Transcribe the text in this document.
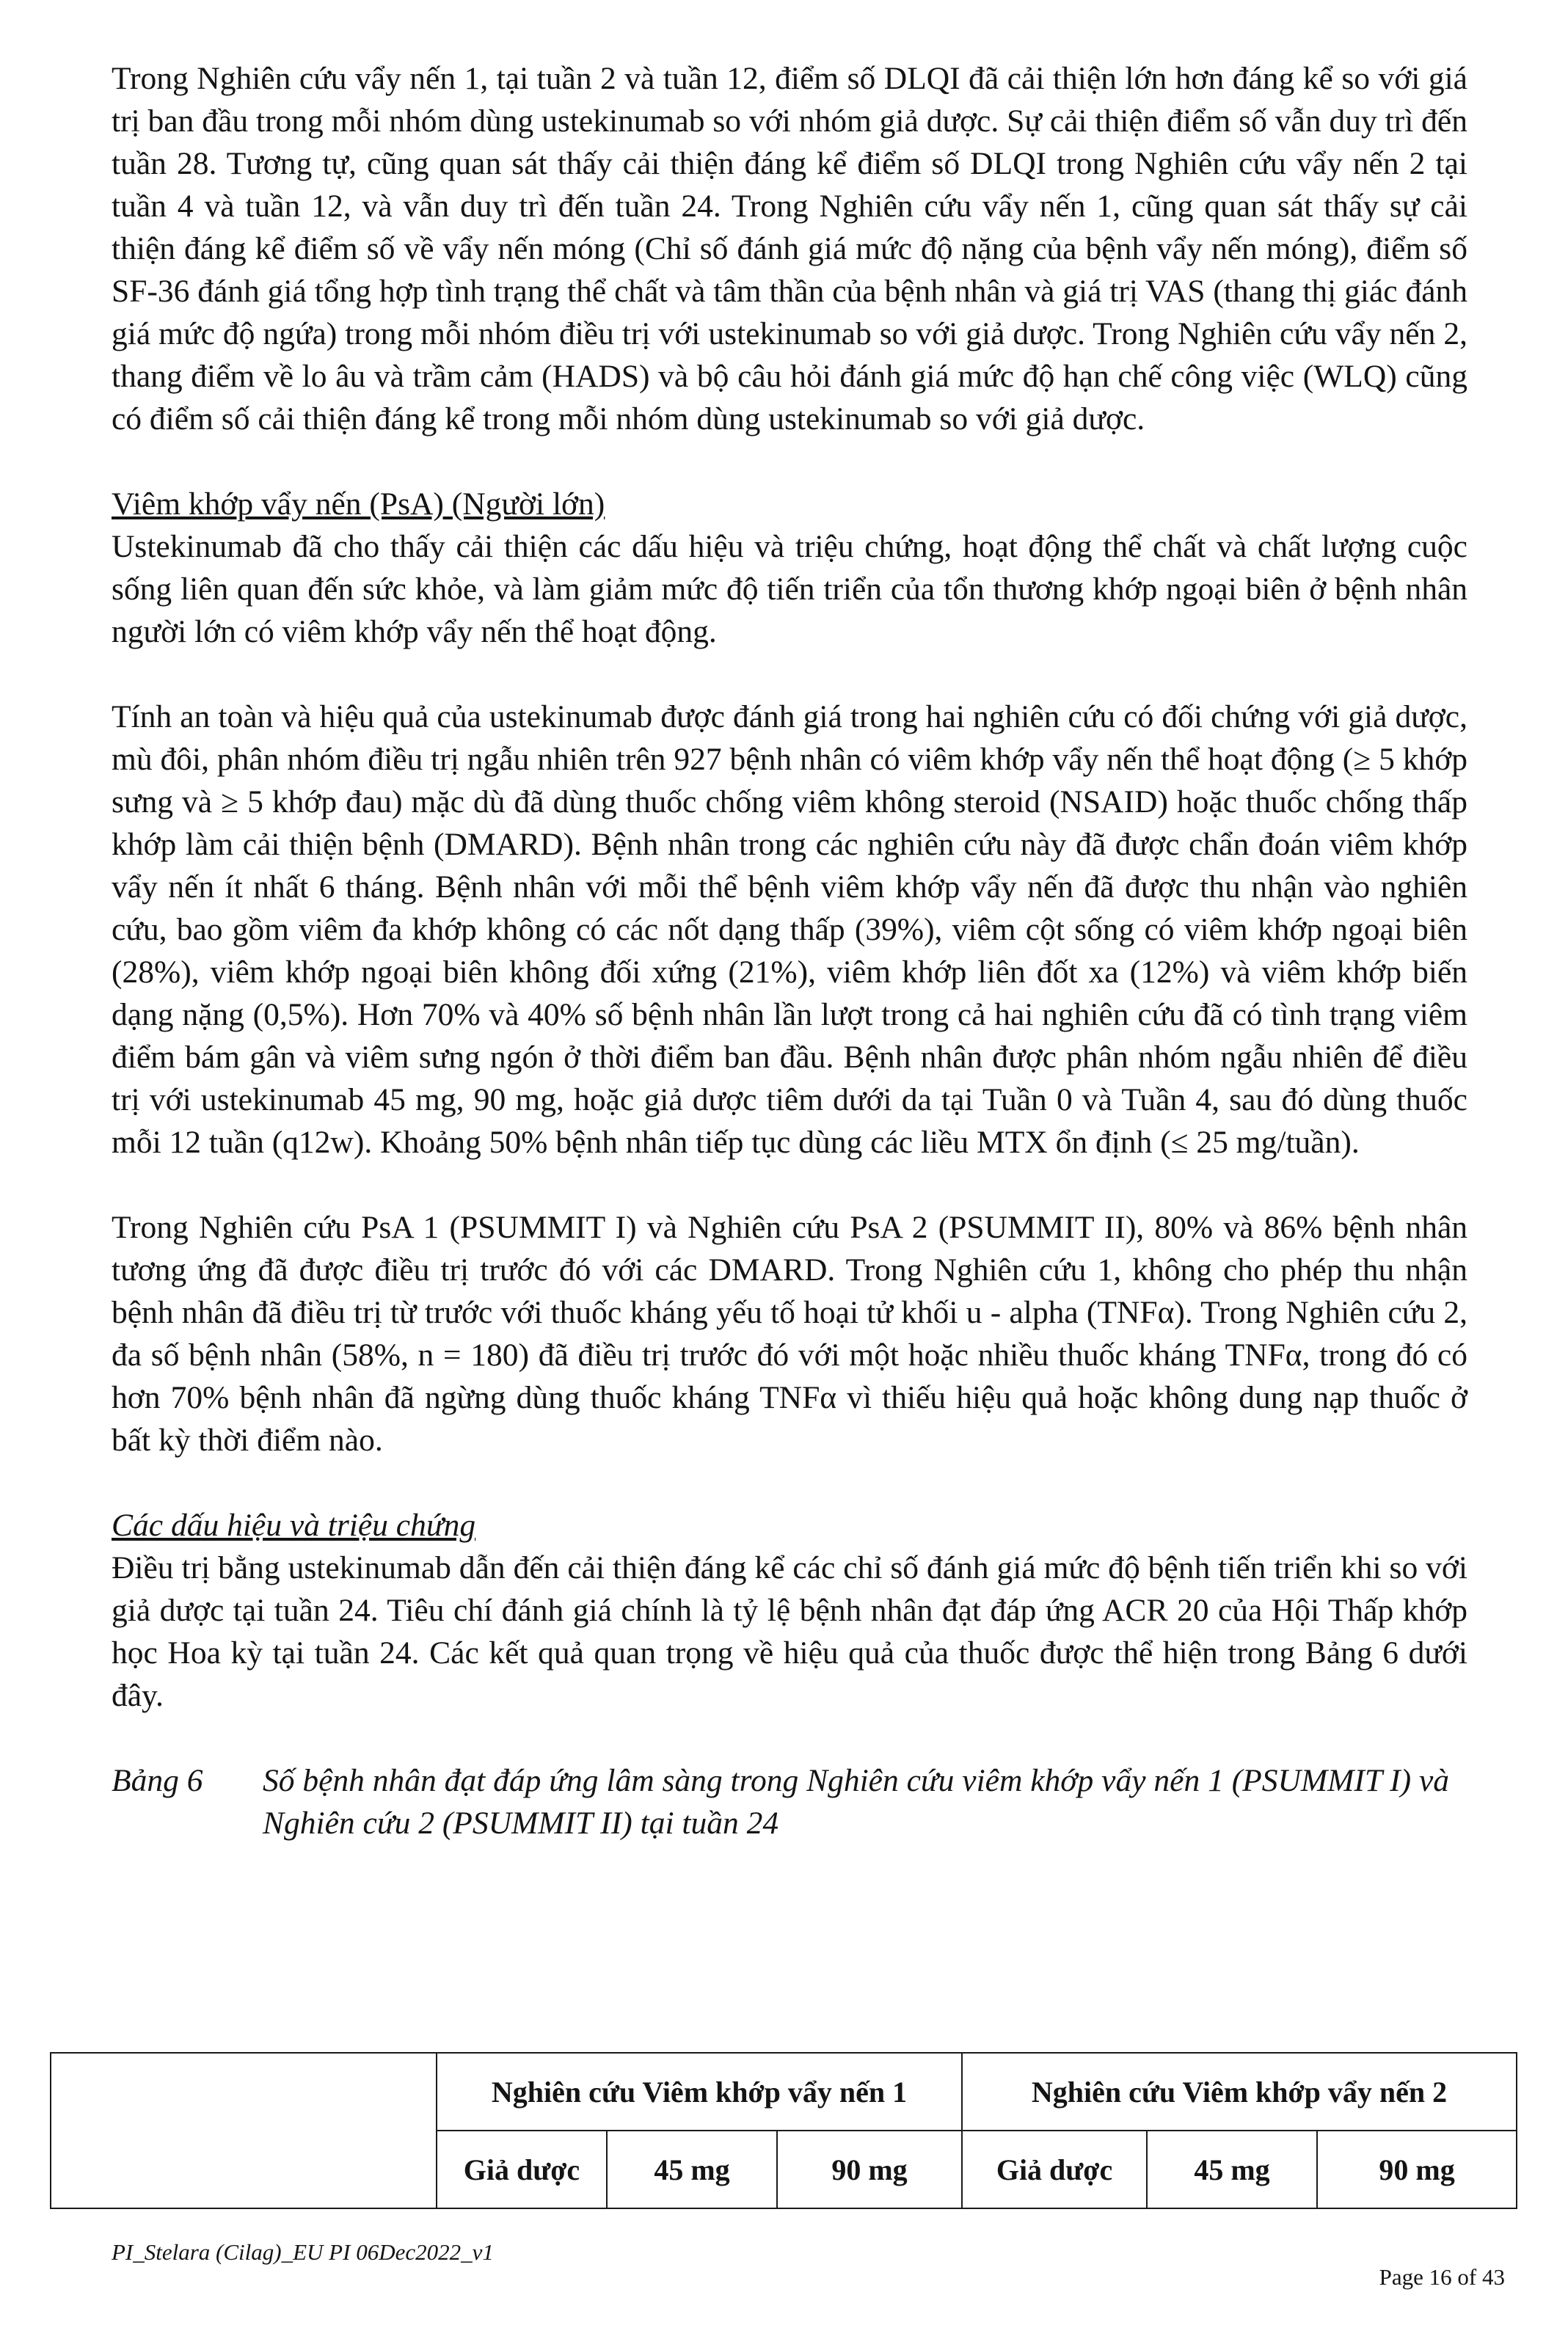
Trong Nghiên cứu vẩy nến 1, tại tuần 2 và tuần 12, điểm số DLQI đã cải thiện lớn hơn đáng kể so với giá trị ban đầu trong mỗi nhóm dùng ustekinumab so với nhóm giả dược. Sự cải thiện điểm số vẫn duy trì đến tuần 28. Tương tự, cũng quan sát thấy cải thiện đáng kể điểm số DLQI trong Nghiên cứu vẩy nến 2 tại tuần 4 và tuần 12, và vẫn duy trì đến tuần 24. Trong Nghiên cứu vẩy nến 1, cũng quan sát thấy sự cải thiện đáng kể điểm số về vẩy nến móng (Chỉ số đánh giá mức độ nặng của bệnh vẩy nến móng), điểm số SF-36 đánh giá tổng hợp tình trạng thể chất và tâm thần của bệnh nhân và giá trị VAS (thang thị giác đánh giá mức độ ngứa) trong mỗi nhóm điều trị với ustekinumab so với giả dược. Trong Nghiên cứu vẩy nến 2, thang điểm về lo âu và trầm cảm (HADS) và bộ câu hỏi đánh giá mức độ hạn chế công việc (WLQ) cũng có điểm số cải thiện đáng kể trong mỗi nhóm dùng ustekinumab so với giả dược.

Viêm khớp vẩy nến (PsA) (Người lớn)

Ustekinumab đã cho thấy cải thiện các dấu hiệu và triệu chứng, hoạt động thể chất và chất lượng cuộc sống liên quan đến sức khỏe, và làm giảm mức độ tiến triển của tổn thương khớp ngoại biên ở bệnh nhân người lớn có viêm khớp vẩy nến thể hoạt động.

Tính an toàn và hiệu quả của ustekinumab được đánh giá trong hai nghiên cứu có đối chứng với giả dược, mù đôi, phân nhóm điều trị ngẫu nhiên trên 927 bệnh nhân có viêm khớp vẩy nến thể hoạt động (≥ 5 khớp sưng và ≥ 5 khớp đau) mặc dù đã dùng thuốc chống viêm không steroid (NSAID) hoặc thuốc chống thấp khớp làm cải thiện bệnh (DMARD). Bệnh nhân trong các nghiên cứu này đã được chẩn đoán viêm khớp vẩy nến ít nhất 6 tháng. Bệnh nhân với mỗi thể bệnh viêm khớp vẩy nến đã được thu nhận vào nghiên cứu, bao gồm viêm đa khớp không có các nốt dạng thấp (39%), viêm cột sống có viêm khớp ngoại biên (28%), viêm khớp ngoại biên không đối xứng (21%), viêm khớp liên đốt xa (12%) và viêm khớp biến dạng nặng (0,5%). Hơn 70% và 40% số bệnh nhân lần lượt trong cả hai nghiên cứu đã có tình trạng viêm điểm bám gân và viêm sưng ngón ở thời điểm ban đầu. Bệnh nhân được phân nhóm ngẫu nhiên để điều trị với ustekinumab 45 mg, 90 mg, hoặc giả dược tiêm dưới da tại Tuần 0 và Tuần 4, sau đó dùng thuốc mỗi 12 tuần (q12w). Khoảng 50% bệnh nhân tiếp tục dùng các liều MTX ổn định (≤ 25 mg/tuần).

Trong Nghiên cứu PsA 1 (PSUMMIT I) và Nghiên cứu PsA 2 (PSUMMIT II), 80% và 86% bệnh nhân tương ứng đã được điều trị trước đó với các DMARD. Trong Nghiên cứu 1, không cho phép thu nhận bệnh nhân đã điều trị từ trước với thuốc kháng yếu tố hoại tử khối u - alpha (TNFα). Trong Nghiên cứu 2, đa số bệnh nhân (58%, n = 180) đã điều trị trước đó với một hoặc nhiều thuốc kháng TNFα, trong đó có hơn 70% bệnh nhân đã ngừng dùng thuốc kháng TNFα vì thiếu hiệu quả hoặc không dung nạp thuốc ở bất kỳ thời điểm nào.

Các dấu hiệu và triệu chứng

Điều trị bằng ustekinumab dẫn đến cải thiện đáng kể các chỉ số đánh giá mức độ bệnh tiến triển khi so với giả dược tại tuần 24. Tiêu chí đánh giá chính là tỷ lệ bệnh nhân đạt đáp ứng ACR 20 của Hội Thấp khớp học Hoa kỳ tại tuần 24. Các kết quả quan trọng về hiệu quả của thuốc được thể hiện trong Bảng 6 dưới đây.

Bảng 6	Số bệnh nhân đạt đáp ứng lâm sàng trong Nghiên cứu viêm khớp vẩy nến 1 (PSUMMIT I) và Nghiên cứu 2 (PSUMMIT II) tại tuần 24
	Nghiên cứu Viêm khớp vẩy nến 1			Nghiên cứu Viêm khớp vẩy nến 2		
	Giả dược	45 mg	90 mg	Giả dược	45 mg	90 mg
PI_Stelara (Cilag)_EU PI 06Dec2022_v1
Page 16 of 43
